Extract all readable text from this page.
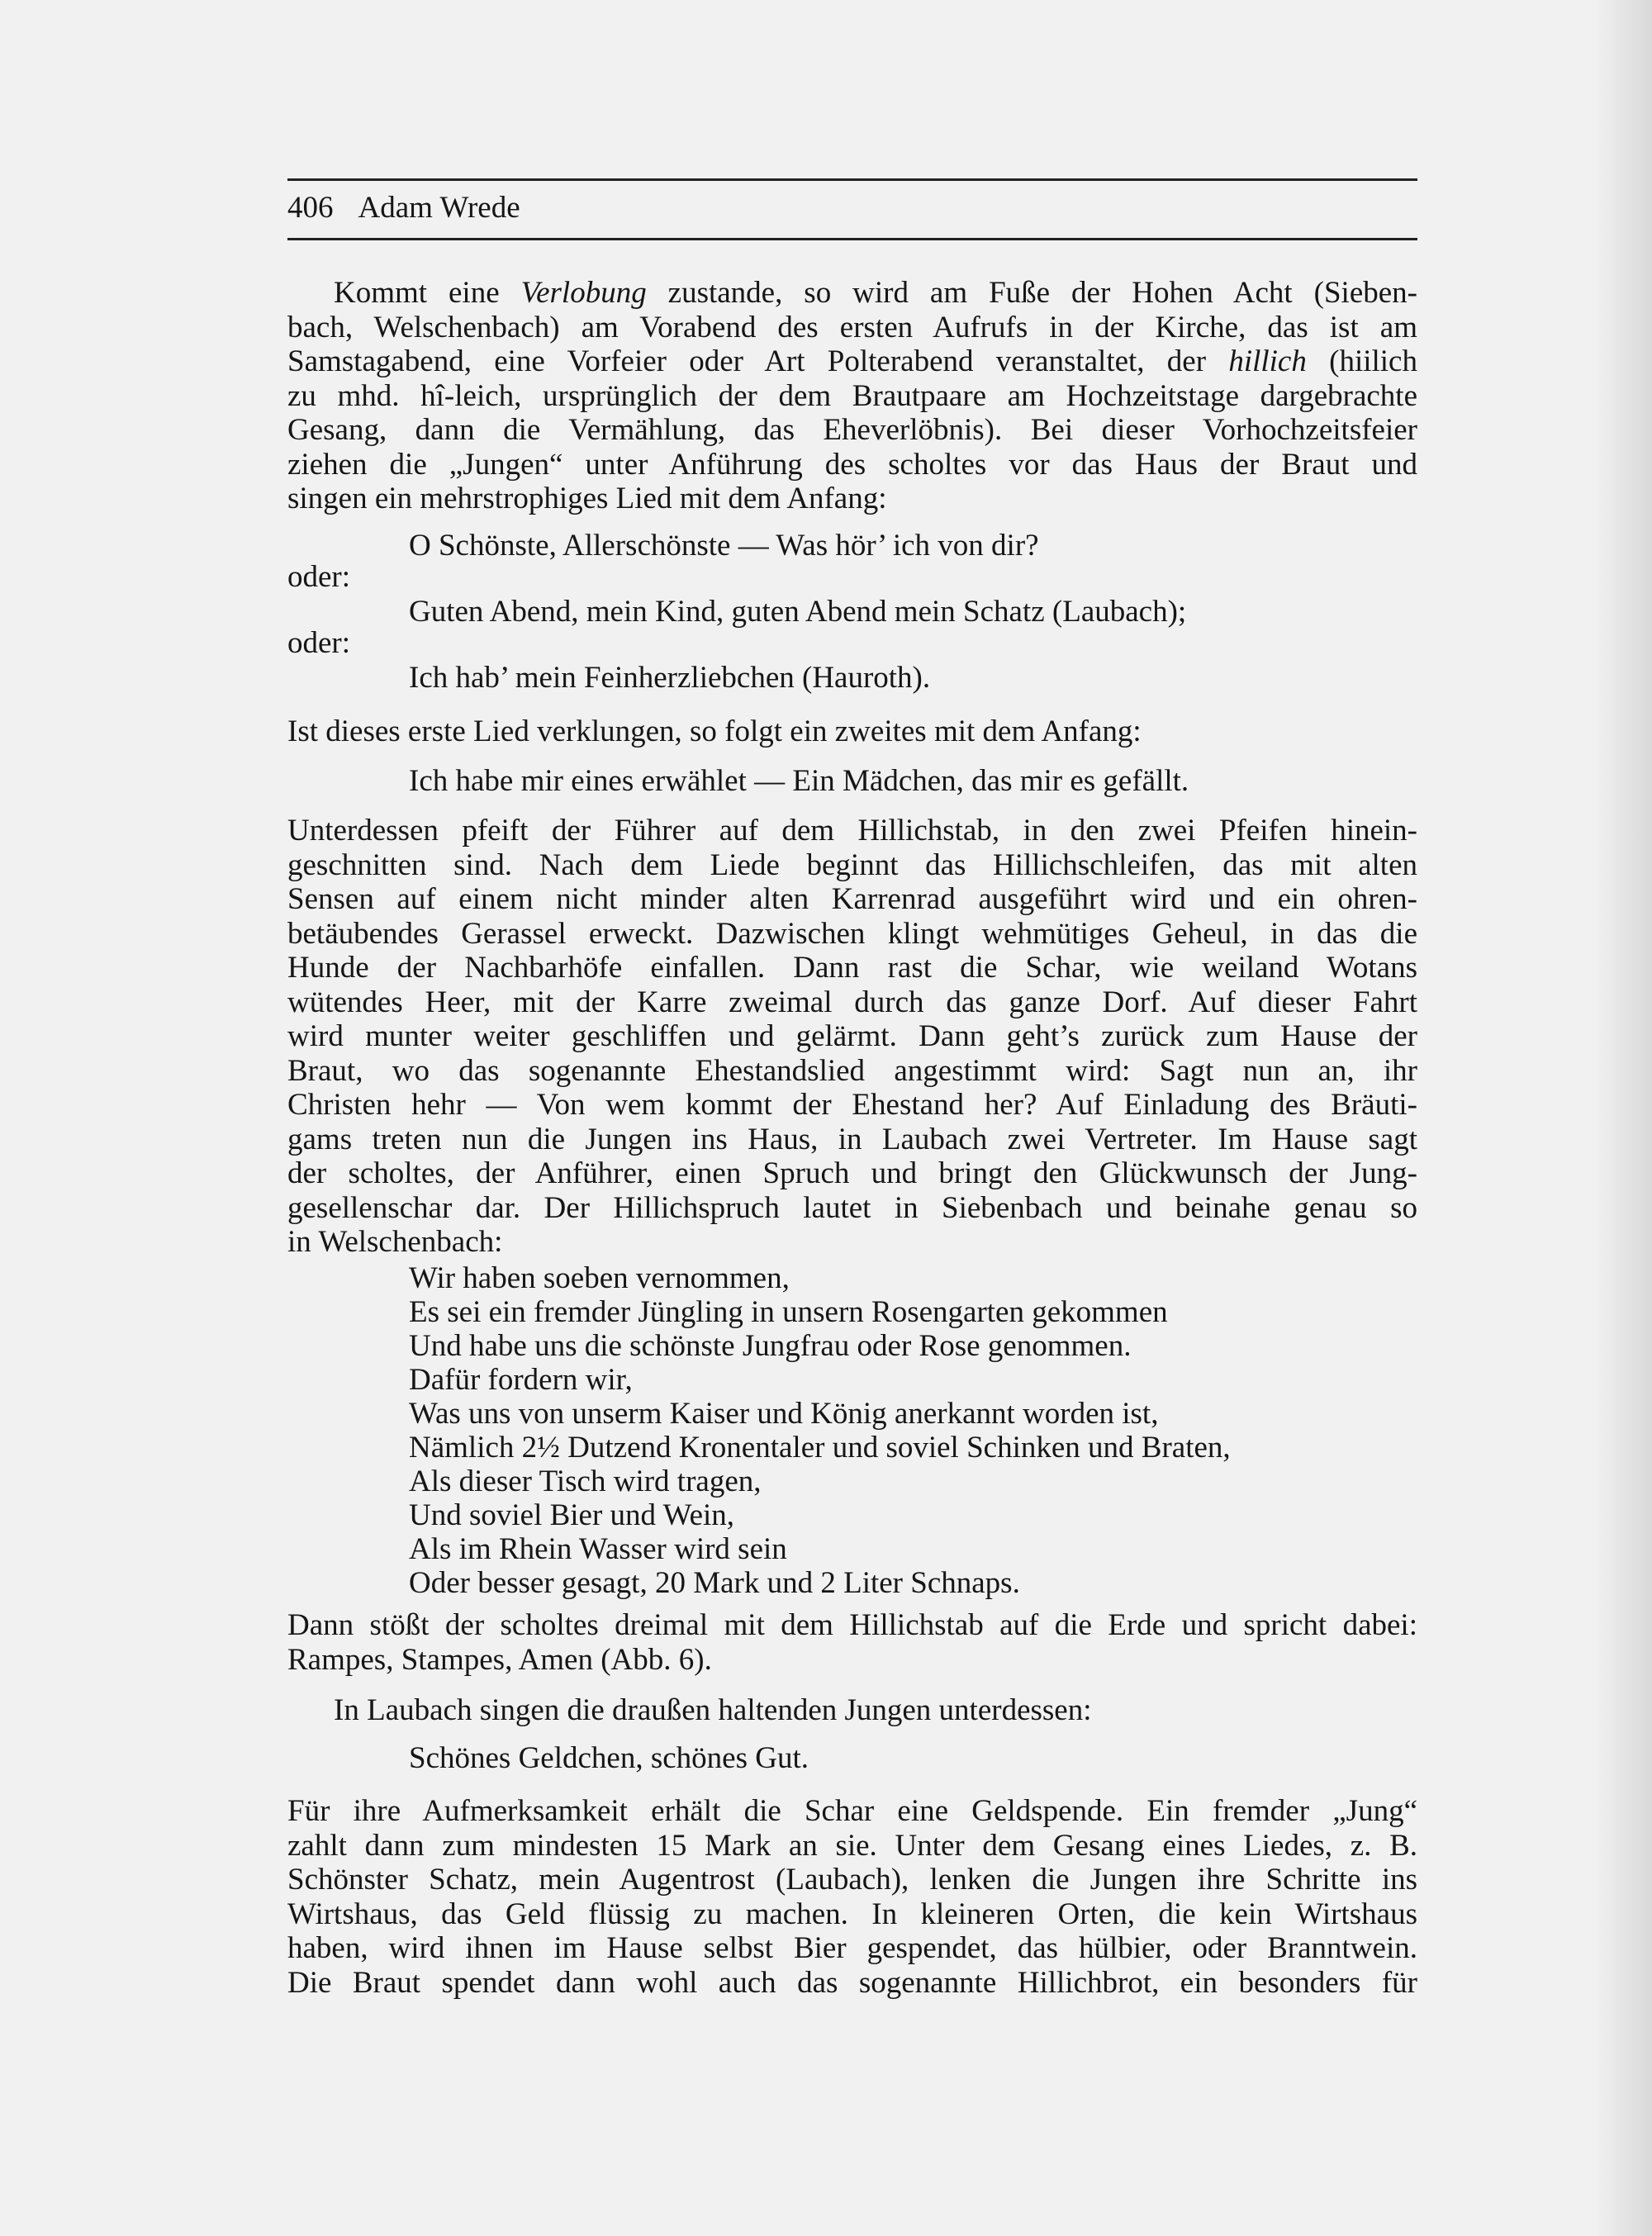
406 Adam Wrede
Kommt eine Verlobung zustande, so wird am Fuße der Hohen Acht (Sieben-
bach, Welschenbach) am Vorabend des ersten Aufrufs in der Kirche, das ist am
Samstagabend, eine Vorfeier oder Art Polterabend veranstaltet, der hillich (hiilich
zu mhd. hî-leich, ursprünglich der dem Brautpaare am Hochzeitstage dargebrachte
Gesang, dann die Vermählung, das Eheverlöbnis). Bei dieser Vorhochzeitsfeier
ziehen die „Jungen“ unter Anführung des scholtes vor das Haus der Braut und
singen ein mehrstrophiges Lied mit dem Anfang:
O Schönste, Allerschönste — Was hör’ ich von dir?
oder:
Guten Abend, mein Kind, guten Abend mein Schatz (Laubach);
oder:
Ich hab’ mein Feinherzliebchen (Hauroth).
Ist dieses erste Lied verklungen, so folgt ein zweites mit dem Anfang:
Ich habe mir eines erwählet — Ein Mädchen, das mir es gefällt.
Unterdessen pfeift der Führer auf dem Hillichstab, in den zwei Pfeifen hinein-
geschnitten sind. Nach dem Liede beginnt das Hillichschleifen, das mit alten
Sensen auf einem nicht minder alten Karrenrad ausgeführt wird und ein ohren-
betäubendes Gerassel erweckt. Dazwischen klingt wehmütiges Geheul, in das die
Hunde der Nachbarhöfe einfallen. Dann rast die Schar, wie weiland Wotans
wütendes Heer, mit der Karre zweimal durch das ganze Dorf. Auf dieser Fahrt
wird munter weiter geschliffen und gelärmt. Dann geht’s zurück zum Hause der
Braut, wo das sogenannte Ehestandslied angestimmt wird: Sagt nun an, ihr
Christen hehr — Von wem kommt der Ehestand her? Auf Einladung des Bräuti-
gams treten nun die Jungen ins Haus, in Laubach zwei Vertreter. Im Hause sagt
der scholtes, der Anführer, einen Spruch und bringt den Glückwunsch der Jung-
gesellenschar dar. Der Hillichspruch lautet in Siebenbach und beinahe genau so
in Welschenbach:
Wir haben soeben vernommen,
Es sei ein fremder Jüngling in unsern Rosengarten gekommen
Und habe uns die schönste Jungfrau oder Rose genommen.
Dafür fordern wir,
Was uns von unserm Kaiser und König anerkannt worden ist,
Nämlich 2½ Dutzend Kronentaler und soviel Schinken und Braten,
Als dieser Tisch wird tragen,
Und soviel Bier und Wein,
Als im Rhein Wasser wird sein
Oder besser gesagt, 20 Mark und 2 Liter Schnaps.
Dann stößt der scholtes dreimal mit dem Hillichstab auf die Erde und spricht dabei:
Rampes, Stampes, Amen (Abb. 6).
In Laubach singen die draußen haltenden Jungen unterdessen:
Schönes Geldchen, schönes Gut.
Für ihre Aufmerksamkeit erhält die Schar eine Geldspende. Ein fremder „Jung“
zahlt dann zum mindesten 15 Mark an sie. Unter dem Gesang eines Liedes, z. B.
Schönster Schatz, mein Augentrost (Laubach), lenken die Jungen ihre Schritte ins
Wirtshaus, das Geld flüssig zu machen. In kleineren Orten, die kein Wirtshaus
haben, wird ihnen im Hause selbst Bier gespendet, das hülbier, oder Branntwein.
Die Braut spendet dann wohl auch das sogenannte Hillichbrot, ein besonders für
